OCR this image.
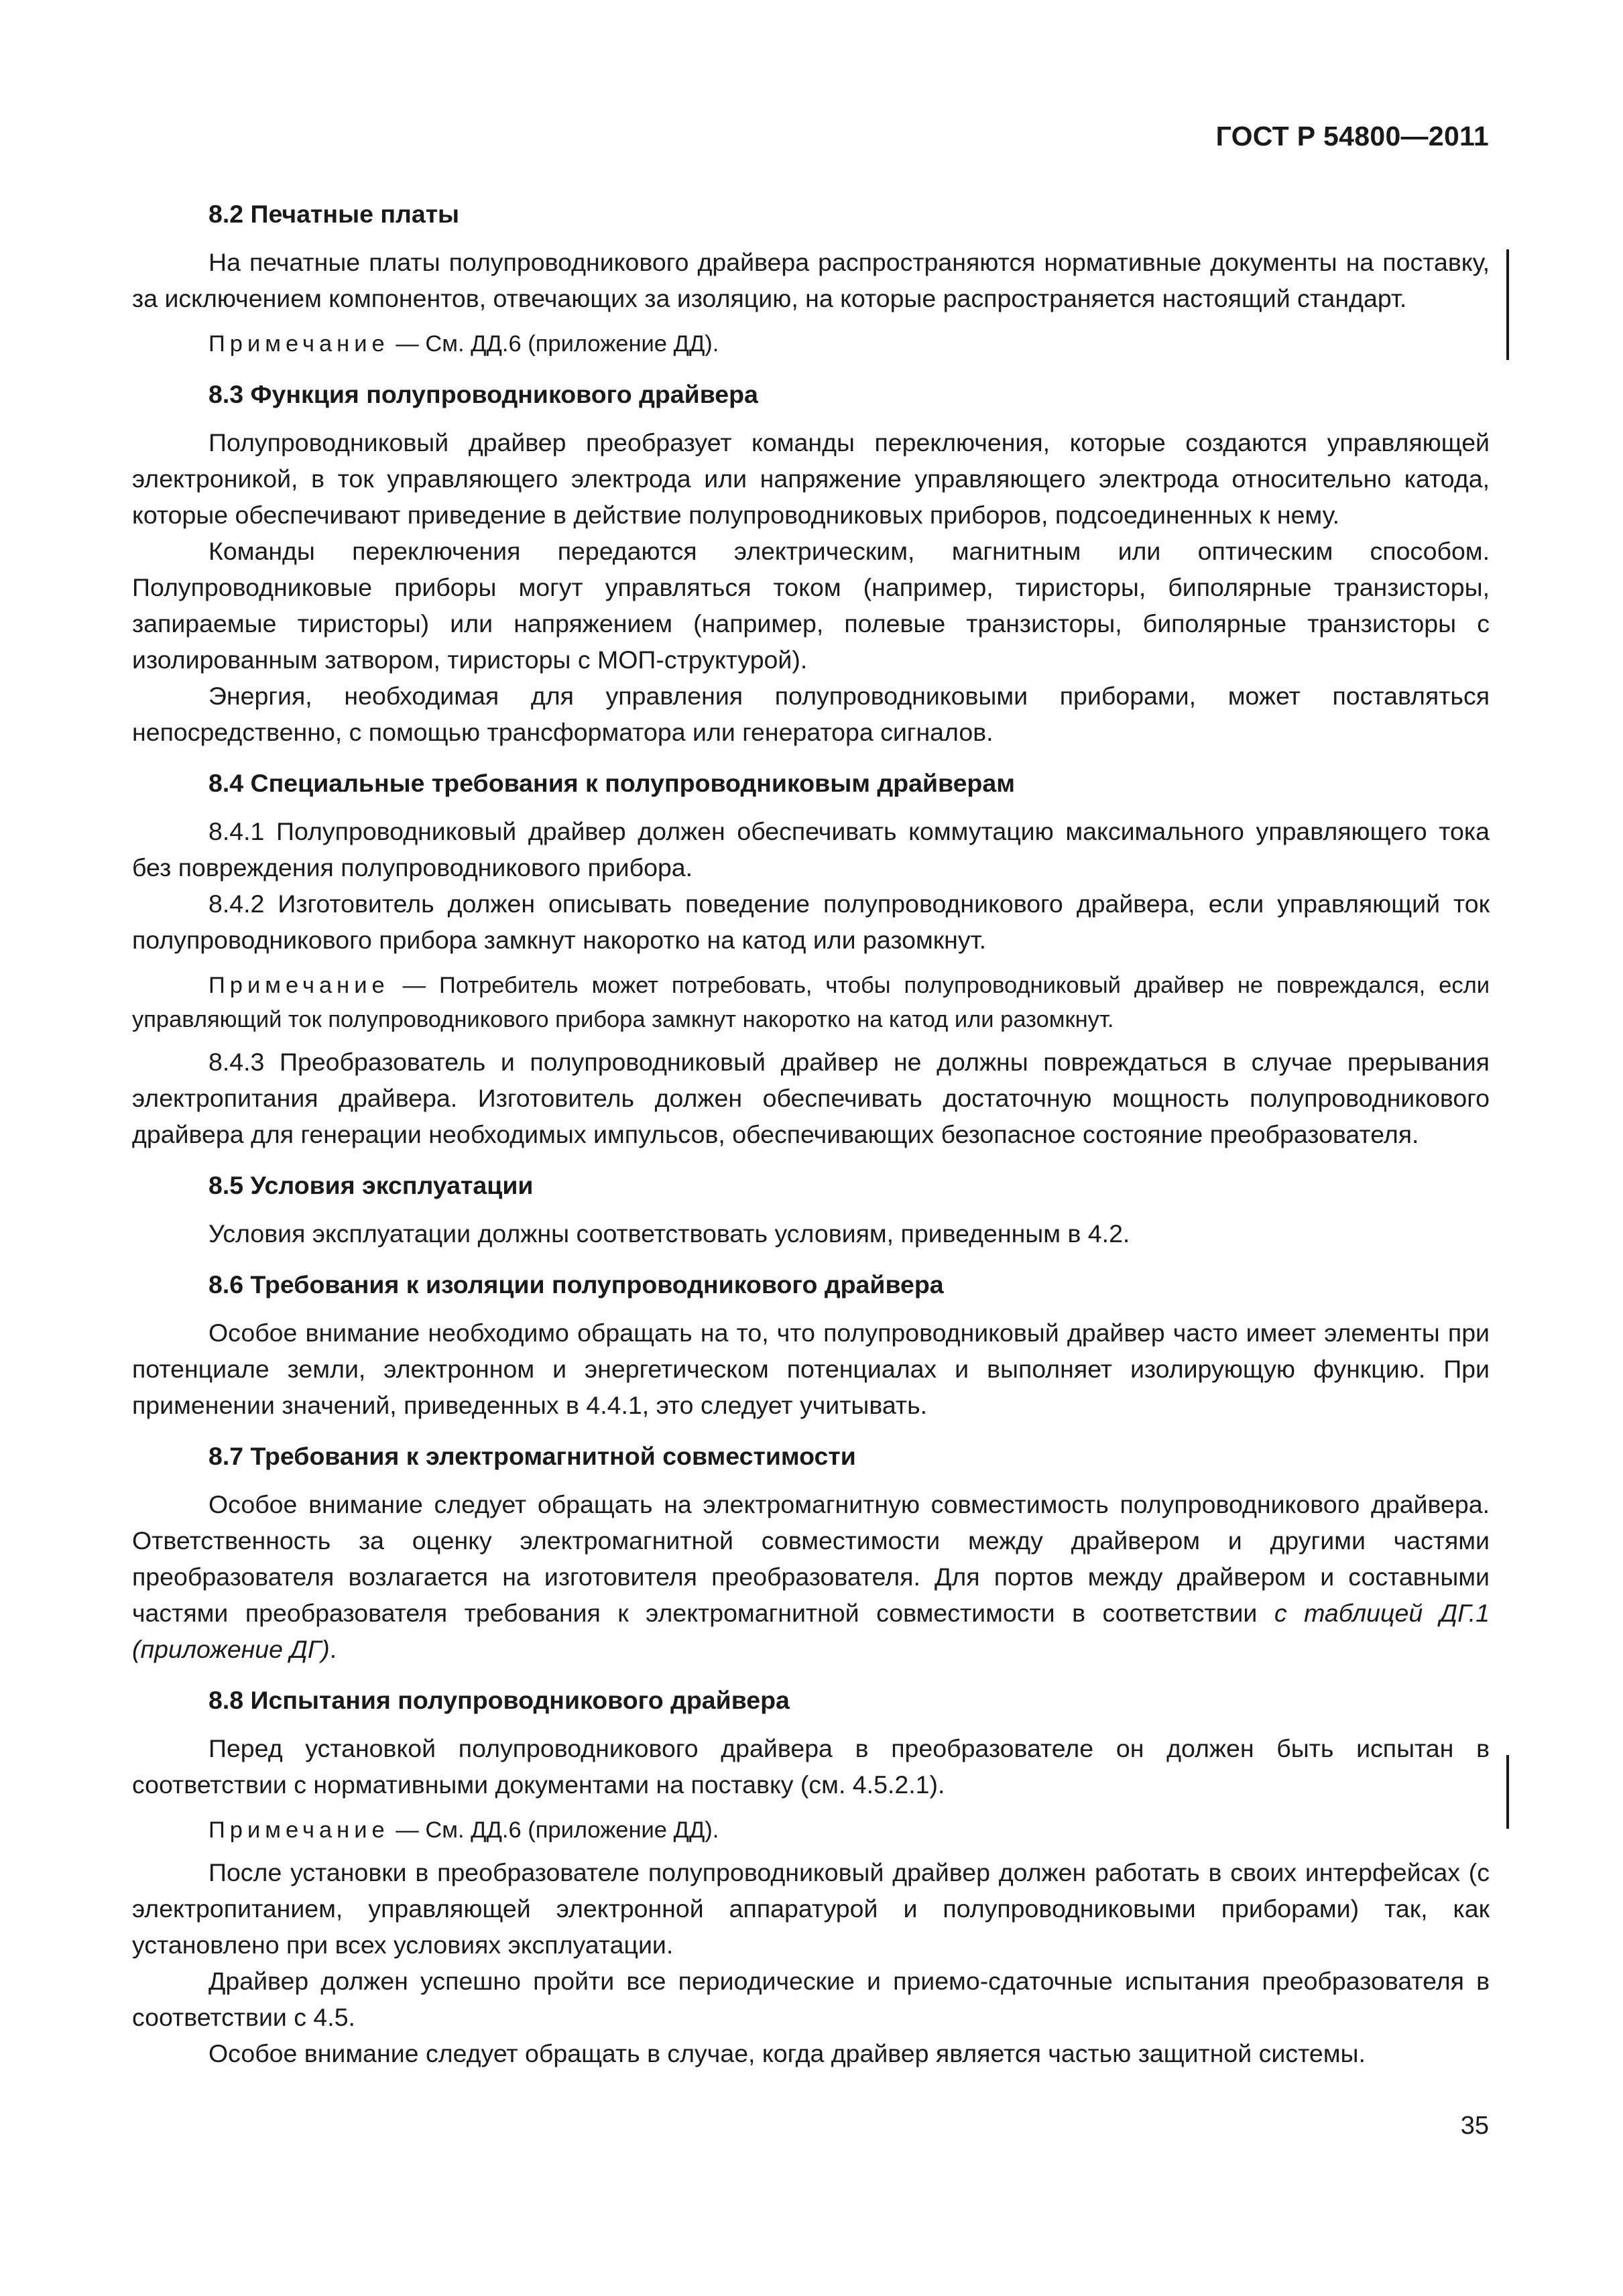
ГОСТ Р 54800—2011
8.2 Печатные платы

На печатные платы полупроводникового драйвера распространяются нормативные документы на поставку, за исключением компонентов, отвечающих за изоляцию, на которые распространяется настоящий стандарт.

Примечание — См. ДД.6 (приложение ДД).
8.3 Функция полупроводникового драйвера

Полупроводниковый драйвер преобразует команды переключения, которые создаются управляющей электроникой, в ток управляющего электрода или напряжение управляющего электрода относительно катода, которые обеспечивают приведение в действие полупроводниковых приборов, подсоединенных к нему.

Команды переключения передаются электрическим, магнитным или оптическим способом. Полупроводниковые приборы могут управляться током (например, тиристоры, биполярные транзисторы, запираемые тиристоры) или напряжением (например, полевые транзисторы, биполярные транзисторы с изолированным затвором, тиристоры с МОП-структурой).

Энергия, необходимая для управления полупроводниковыми приборами, может поставляться непосредственно, с помощью трансформатора или генератора сигналов.

8.4 Специальные требования к полупроводниковым драйверам

8.4.1 Полупроводниковый драйвер должен обеспечивать коммутацию максимального управляющего тока без повреждения полупроводникового прибора.

8.4.2 Изготовитель должен описывать поведение полупроводникового драйвера, если управляющий ток полупроводникового прибора замкнут накоротко на катод или разомкнут.

Примечание — Потребитель может потребовать, чтобы полупроводниковый драйвер не повреждался, если управляющий ток полупроводникового прибора замкнут накоротко на катод или разомкнут.

8.4.3 Преобразователь и полупроводниковый драйвер не должны повреждаться в случае прерывания электропитания драйвера. Изготовитель должен обеспечивать достаточную мощность полупроводникового драйвера для генерации необходимых импульсов, обеспечивающих безопасное состояние преобразователя.

8.5 Условия эксплуатации

Условия эксплуатации должны соответствовать условиям, приведенным в 4.2.

8.6 Требования к изоляции полупроводникового драйвера

Особое внимание необходимо обращать на то, что полупроводниковый драйвер часто имеет элементы при потенциале земли, электронном и энергетическом потенциалах и выполняет изолирующую функцию. При применении значений, приведенных в 4.4.1, это следует учитывать.

8.7 Требования к электромагнитной совместимости

Особое внимание следует обращать на электромагнитную совместимость полупроводникового драйвера. Ответственность за оценку электромагнитной совместимости между драйвером и другими частями преобразователя возлагается на изготовителя преобразователя. Для портов между драйвером и составными частями преобразователя требования к электромагнитной совместимости в соответствии с таблицей ДГ.1 (приложение ДГ).

8.8 Испытания полупроводникового драйвера

Перед установкой полупроводникового драйвера в преобразователе он должен быть испытан в соответствии с нормативными документами на поставку (см. 4.5.2.1).

Примечание — См. ДД.6 (приложение ДД).

После установки в преобразователе полупроводниковый драйвер должен работать в своих интерфейсах (с электропитанием, управляющей электронной аппаратурой и полупроводниковыми приборами) так, как установлено при всех условиях эксплуатации.

Драйвер должен успешно пройти все периодические и приемо-сдаточные испытания преобразователя в соответствии с 4.5.

Особое внимание следует обращать в случае, когда драйвер является частью защитной системы.

35
